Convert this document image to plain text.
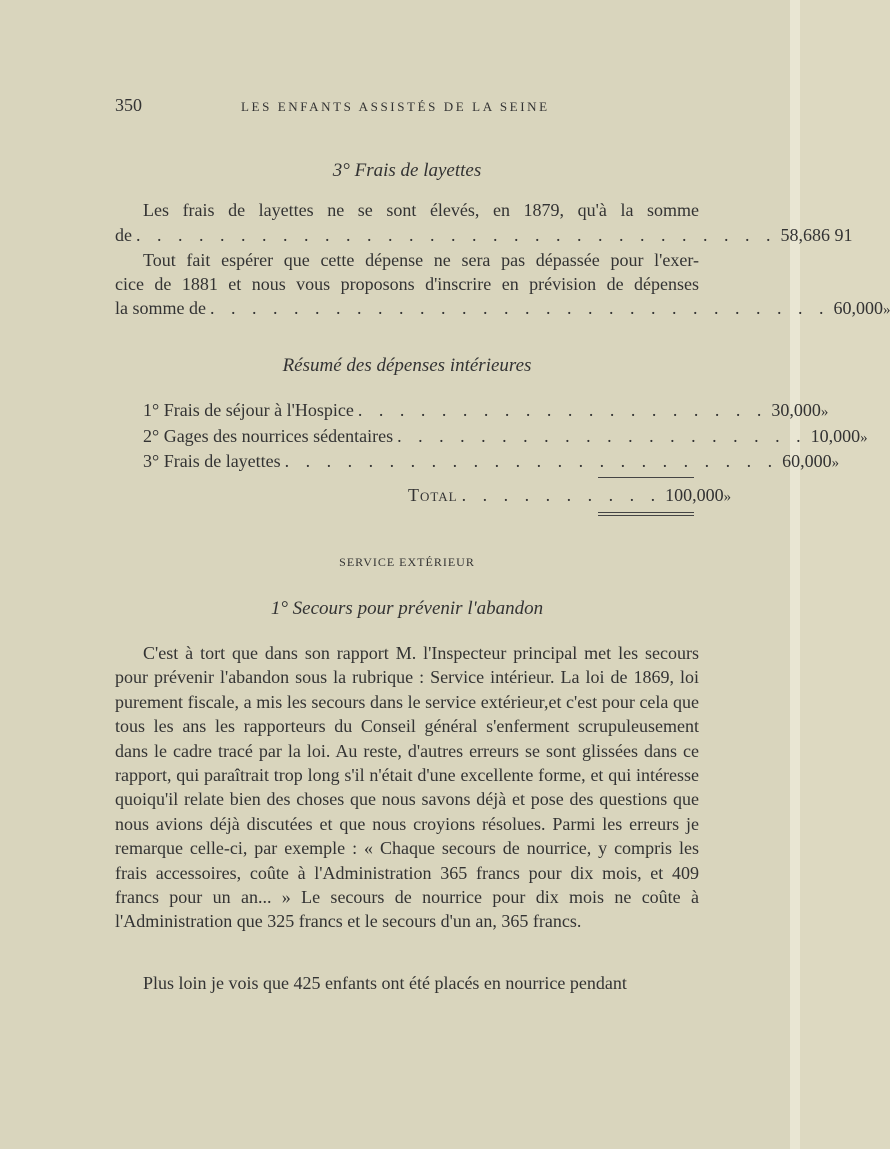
350	LES ENFANTS ASSISTÉS DE LA SEINE
3° Frais de layettes
Les frais de layettes ne se sont élevés, en 1879, qu'à la somme
de . . . . . . . . . . . . . . . . . . . . . . . . . . . . . . . 58,686 91
Tout fait espérer que cette dépense ne sera pas dépassée pour l'exer-
cice de 1881 et nous vous proposons d'inscrire en prévision de dépenses
la somme de . . . . . . . . . . . . . . . . . . . . . . . . . . . . . . 60,000 »
Résumé des dépenses intérieures
1° Frais de séjour à l'Hospice . . . . . . . . . . . . . . . . . . . . 30,000 »
2° Gages des nourrices sédentaires . . . . . . . . . . . . . . . . . . . . 10,000 »
3° Frais de layettes . . . . . . . . . . . . . . . . . . . . . . . . 60,000 »
Total . . . . . . . . . . 100,000 »
SERVICE EXTÉRIEUR
1° Secours pour prévenir l'abandon
C'est à tort que dans son rapport M. l'Inspecteur principal met les secours pour prévenir l'abandon sous la rubrique : Service intérieur. La loi de 1869, loi purement fiscale, a mis les secours dans le service extérieur,et c'est pour cela que tous les ans les rapporteurs du Conseil général s'enferment scrupuleusement dans le cadre tracé par la loi. Au reste, d'autres erreurs se sont glissées dans ce rapport, qui paraîtrait trop long s'il n'était d'une excellente forme, et qui intéresse quoiqu'il relate bien des choses que nous savons déjà et pose des questions que nous avions déjà discutées et que nous croyions résolues. Parmi les erreurs je remarque celle-ci, par exemple : « Chaque secours de nourrice, y compris les frais accessoires, coûte à l'Administration 365 francs pour dix mois, et 409 francs pour un an... » Le secours de nourrice pour dix mois ne coûte à l'Administration que 325 francs et le secours d'un an, 365 francs.
Plus loin je vois que 425 enfants ont été placés en nourrice pendant
